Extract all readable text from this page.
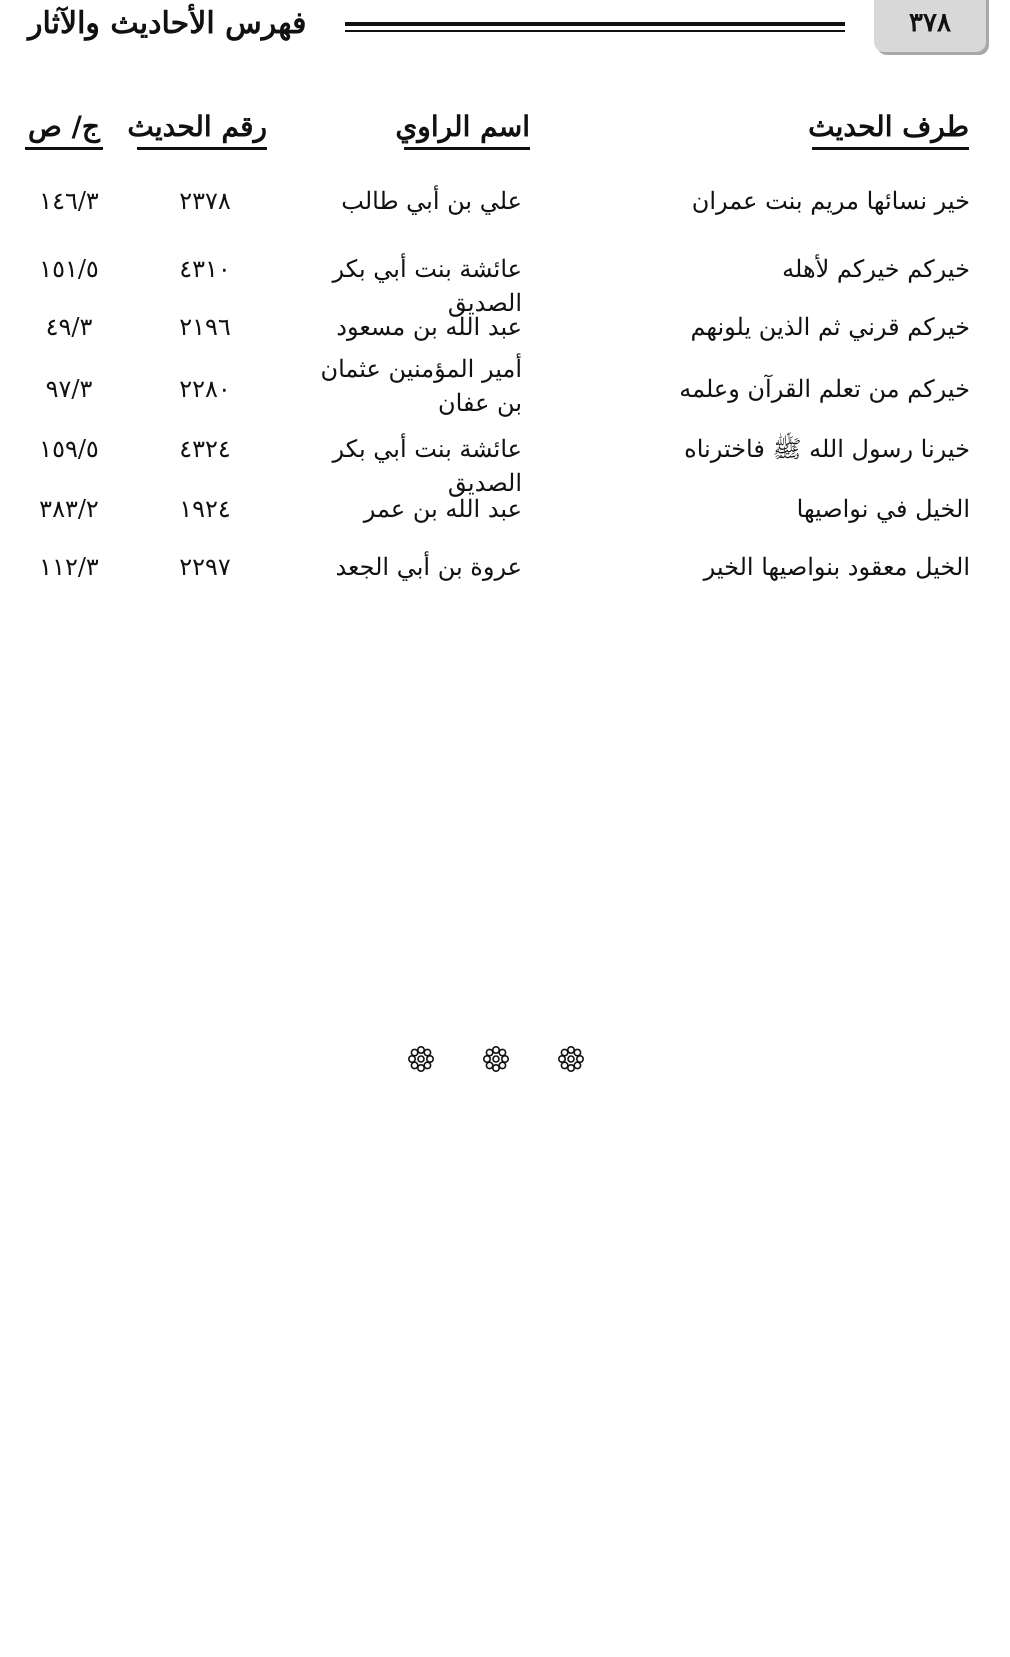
٣٧٨
فهرس الأحاديث والآثار
طرف الحديث
اسم الراوي
رقم الحديث
ج/ ص
خير نسائها مريم بنت عمران
علي بن أبي طالب
٢٣٧٨
١٤٦/٣
خيركم خيركم لأهله
عائشة بنت أبي بكر الصديق
٤٣١٠
١٥١/٥
خيركم قرني ثم الذين يلونهم
عبد الله بن مسعود
٢١٩٦
٤٩/٣
خيركم من تعلم القرآن وعلمه
أمير المؤمنين عثمان بن عفان
٢٢٨٠
٩٧/٣
خيرنا رسول الله ﷺ فاخترناه
عائشة بنت أبي بكر الصديق
٤٣٢٤
١٥٩/٥
الخيل في نواصيها
عبد الله بن عمر
١٩٢٤
٣٨٣/٢
الخيل معقود بنواصيها الخير
عروة بن أبي الجعد
٢٢٩٧
١١٢/٣
